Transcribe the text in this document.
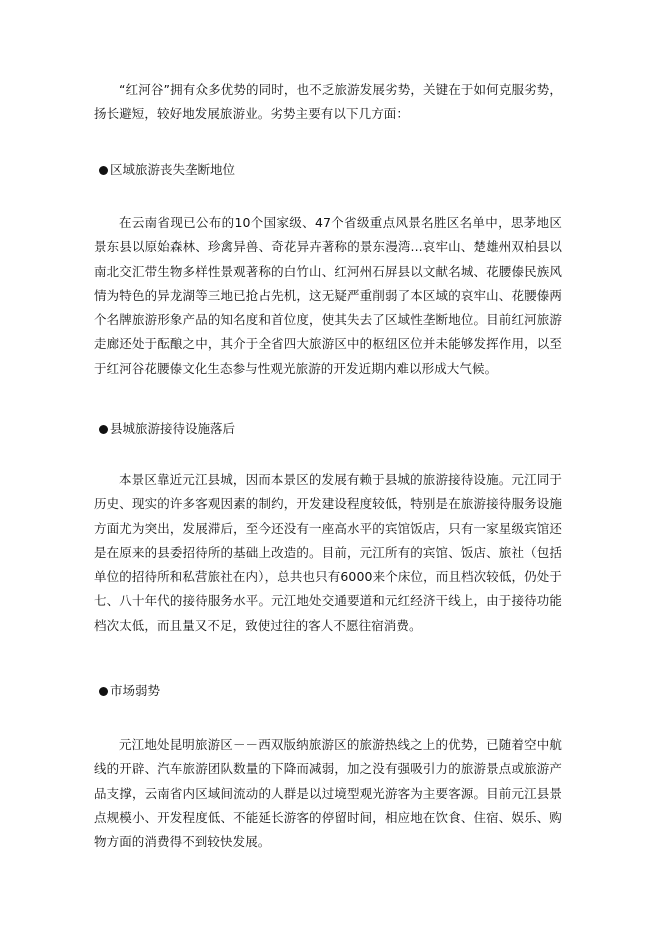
“红河谷”拥有众多优势的同时，也不乏旅游发展劣势，关键在于如何克服劣势，扬长避短，较好地发展旅游业。劣势主要有以下几方面：

区域旅游丧失垄断地位

在云南省现已公布的10个国家级、47个省级重点风景名胜区名单中，思茅地区景东县以原始森林、珍禽异兽、奇花异卉著称的景东漫湾...哀牢山、楚雄州双柏县以南北交汇带生物多样性景观著称的白竹山、红河州石屏县以文献名城、花腰傣民族风情为特色的异龙湖等三地已抢占先机，这无疑严重削弱了本区域的哀牢山、花腰傣两个名牌旅游形象产品的知名度和首位度，使其失去了区域性垄断地位。目前红河旅游走廊还处于酝酿之中，其介于全省四大旅游区中的枢纽区位并未能够发挥作用，以至于红河谷花腰傣文化生态参与性观光旅游的开发近期内难以形成大气候。

县城旅游接待设施落后

本景区靠近元江县城，因而本景区的发展有赖于县城的旅游接待设施。元江同于历史、现实的许多客观因素的制约，开发建设程度较低，特别是在旅游接待服务设施方面尤为突出，发展滞后，至今还没有一座高水平的宾馆饭店，只有一家星级宾馆还是在原来的县委招待所的基础上改造的。目前，元江所有的宾馆、饭店、旅社（包括单位的招待所和私营旅社在内），总共也只有6000来个床位，而且档次较低，仍处于七、八十年代的接待服务水平。元江地处交通要道和元红经济干线上，由于接待功能档次太低，而且量又不足，致使过往的客人不愿往宿消费。

市场弱势

元江地处昆明旅游区－－西双版纳旅游区的旅游热线之上的优势，已随着空中航线的开辟、汽车旅游团队数量的下降而减弱，加之没有强吸引力的旅游景点或旅游产品支撑，云南省内区域间流动的人群是以过境型观光游客为主要客源。目前元江县景点规模小、开发程度低、不能延长游客的停留时间，相应地在饮食、住宿、娱乐、购物方面的消费得不到较快发展。
